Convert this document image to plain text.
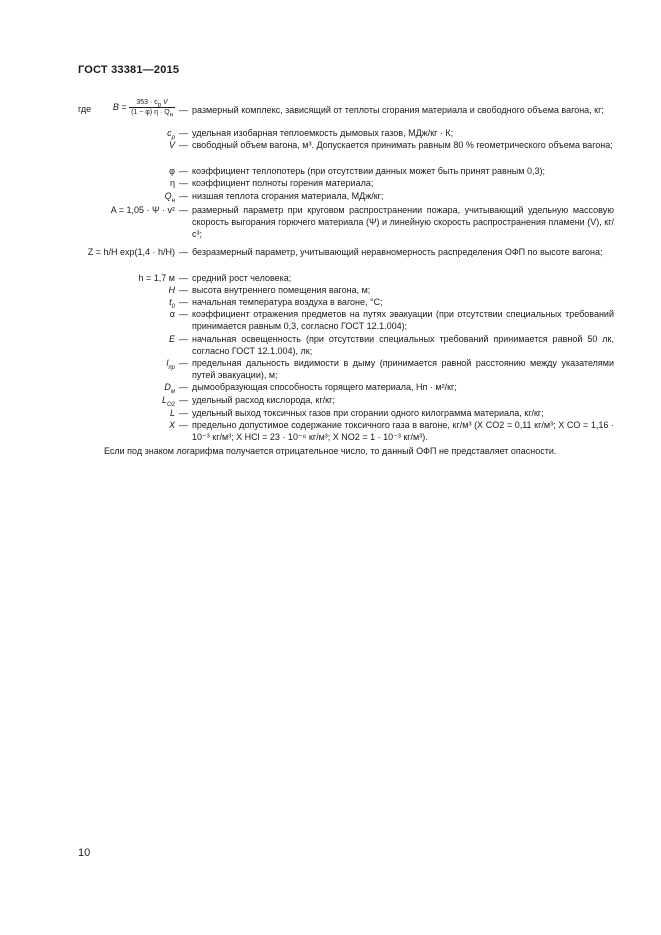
ГОСТ 33381—2015
где $B = \frac{353 \cdot c_p V}{(1 - \varphi) \eta \cdot Q_н}$ — размерный комплекс, зависящий от теплоты сгорания материала и свободного объема вагона, кг;
$c_p$ — удельная изобарная теплоемкость дымовых газов, МДж/кг · К;
V — свободный объем вагона, м³. Допускается принимать равным 80 % геометрического объема вагона;
φ — коэффициент теплопотерь (при отсутствии данных может быть принят равным 0,3);
η — коэффициент полноты горения материала;
$Q_н$ — низшая теплота сгорания материала, МДж/кг;
A = 1,05 · Ψ · v² — размерный параметр при круговом распространении пожара, учитывающий удельную массовую скорость выгорания горючего материала (Ψ) и линейную скорость распространения пламени (V), кг/с³;
Z = h/H exp(1,4 · h/H) — безразмерный параметр, учитывающий неравномерность распределения ОФП по высоте вагона;
h = 1,7 м — средний рост человека;
H — высота внутреннего помещения вагона, м;
$t_0$ — начальная температура воздуха в вагоне, °С;
α — коэффициент отражения предметов на путях эвакуации (при отсутствии специальных требований принимается равным 0,3, согласно ГОСТ 12.1.004);
E — начальная освещенность (при отсутствии специальных требований принимается равной 50 лк, согласно ГОСТ 12.1.004), лк;
$l_{пр}$ — предельная дальность видимости в дыму (принимается равной расстоянию между указателями путей эвакуации), м;
$D_м$ — дымообразующая способность горящего материала, Нп · м²/кг;
$L_{O2}$ — удельный расход кислорода, кг/кг;
L — удельный выход токсичных газов при сгорании одного килограмма материала, кг/кг;
X — предельно допустимое содержание токсичного газа в вагоне, кг/м³ (X CO2 = 0,11 кг/м³; X CO = 1,16 · 10⁻³ кг/м³; X HCl = 23 · 10⁻⁶ кг/м³; X NO2 = 1 · 10⁻³ кг/м³).
Если под знаком логарифма получается отрицательное число, то данный ОФП не представляет опасности.
10
